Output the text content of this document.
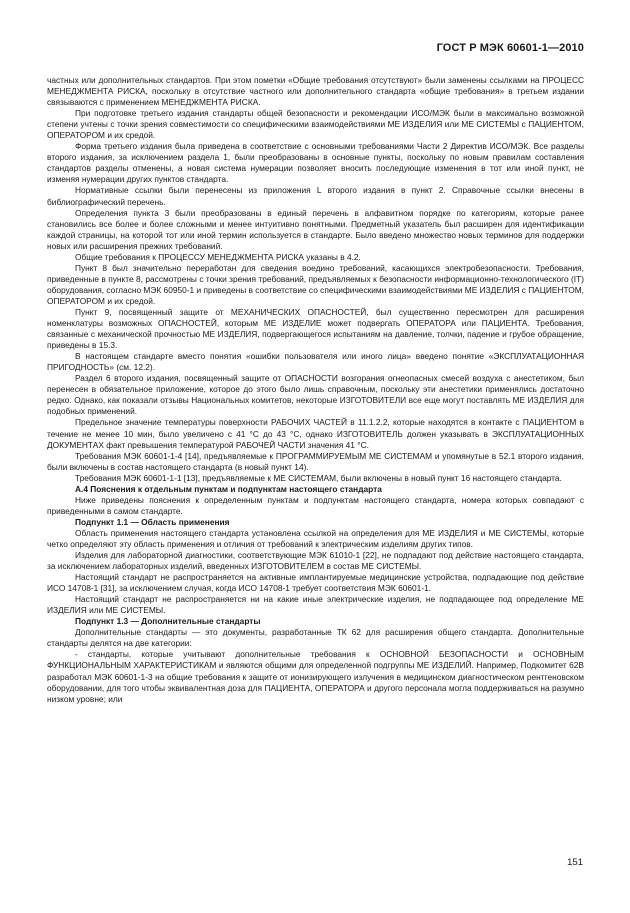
ГОСТ Р МЭК 60601-1—2010

частных или дополнительных стандартов. При этом пометки «Общие требования отсутствуют» были заменены ссылками на ПРОЦЕСС МЕНЕДЖМЕНТА РИСКА, поскольку в отсутствие частного или дополнительного стандарта «общие требования» в третьем издании связываются с применением МЕНЕДЖМЕНТА РИСКА.

При подготовке третьего издания стандарты общей безопасности и рекомендации ИСО/МЭК были в максимально возможной степени учтены с точки зрения совместимости со специфическими взаимодействиями МЕ ИЗДЕЛИЯ или МЕ СИСТЕМЫ с ПАЦИЕНТОМ, ОПЕРАТОРОМ и их средой.

Форма третьего издания была приведена в соответствие с основными требованиями Части 2 Директив ИСО/МЭК. Все разделы второго издания, за исключением раздела 1, были преобразованы в основные пункты, поскольку по новым правилам составления стандартов разделы отменены, а новая система нумерации позволяет вносить последующие изменения в тот или иной пункт, не изменяя нумерации других пунктов стандарта.

Нормативные ссылки были перенесены из приложения L второго издания в пункт 2. Справочные ссылки внесены в библиографический перечень.

Определения пункта 3 были преобразованы в единый перечень в алфавитном порядке по категориям, которые ранее становились все более и более сложными и менее интуитивно понятными. Предметный указатель был расширен для идентификации каждой страницы, на которой тот или иной термин используется в стандарте. Было введено множество новых терминов для поддержки новых или расширения прежних требований.

Общие требования к ПРОЦЕССУ МЕНЕДЖМЕНТА РИСКА указаны в 4.2.

Пункт 8 был значительно переработан для сведения воедино требований, касающихся электробезопасности. Требования, приведенные в пункте 8, рассмотрены с точки зрения требований, предъявляемых к безопасности информационно-технологического (IT) оборудования, согласно МЭК 60950-1 и приведены в соответствие со специфическими взаимодействиями МЕ ИЗДЕЛИЯ с ПАЦИЕНТОМ, ОПЕРАТОРОМ и их средой.

Пункт 9, посвященный защите от МЕХАНИЧЕСКИХ ОПАСНОСТЕЙ, был существенно пересмотрен для расширения номенклатуры возможных ОПАСНОСТЕЙ, которым МЕ ИЗДЕЛИЕ может подвергать ОПЕРАТОРА или ПАЦИЕНТА. Требования, связанные с механической прочностью МЕ ИЗДЕЛИЯ, подвергающегося испытаниям на давление, толчки, падение и грубое обращение, приведены в 15.3.

В настоящем стандарте вместо понятия «ошибки пользователя или иного лица» введено понятие «ЭКСПЛУАТАЦИОННАЯ ПРИГОДНОСТЬ» (см. 12.2).

Раздел 6 второго издания, посвященный защите от ОПАСНОСТИ возгорания огнеопасных смесей воздуха с анестетиком, был перенесен в обязательное приложение, которое до этого было лишь справочным, поскольку эти анестетики применялись достаточно редко. Однако, как показали отзывы Национальных комитетов, некоторые ИЗГОТОВИТЕЛИ все еще могут поставлять МЕ ИЗДЕЛИЯ для подобных применений.

Предельное значение температуры поверхности РАБОЧИХ ЧАСТЕЙ в 11.1.2.2, которые находятся в контакте с ПАЦИЕНТОМ в течение не менее 10 мин, было увеличено с 41 °C до 43 °C, однако ИЗГОТОВИТЕЛЬ должен указывать в ЭКСПЛУАТАЦИОННЫХ ДОКУМЕНТАХ факт превышения температурой РАБОЧЕЙ ЧАСТИ значения 41 °C.

Требования МЭК 60601-1-4 [14], предъявляемые к ПРОГРАММИРУЕМЫМ МЕ СИСТЕМАМ и упомянутые в 52.1 второго издания, были включены в состав настоящего стандарта (в новый пункт 14).

Требования МЭК 60601-1-1 [13], предъявляемые к МЕ СИСТЕМАМ, были включены в новый пункт 16 настоящего стандарта.

А.4 Пояснения к отдельным пунктам и подпунктам настоящего стандарта

Ниже приведены пояснения к определенным пунктам и подпунктам настоящего стандарта, номера которых совпадают с приведенными в самом стандарте.

Подпункт 1.1 — Область применения

Область применения настоящего стандарта установлена ссылкой на определения для МЕ ИЗДЕЛИЯ и МЕ СИСТЕМЫ, которые четко определяют эту область применения и отличия от требований к электрическим изделиям других типов.

Изделия для лабораторной диагностики, соответствующие МЭК 61010-1 [22], не подпадают под действие настоящего стандарта, за исключением лабораторных изделий, введенных ИЗГОТОВИТЕЛЕМ в состав МЕ СИСТЕМЫ.

Настоящий стандарт не распространяется на активные имплантируемые медицинские устройства, подпадающие под действие ИСО 14708-1 [31], за исключением случая, когда ИСО 14708-1 требует соответствия МЭК 60601-1.

Настоящий стандарт не распространяется ни на какие иные электрические изделия, не подпадающее под определение МЕ ИЗДЕЛИЯ или МЕ СИСТЕМЫ.

Подпункт 1.3 — Дополнительные стандарты

Дополнительные стандарты — это документы, разработанные ТК 62 для расширения общего стандарта. Дополнительные стандарты делятся на две категории:

- стандарты, которые учитывают дополнительные требования к ОСНОВНОЙ БЕЗОПАСНОСТИ и ОСНОВНЫМ ФУНКЦИОНАЛЬНЫМ ХАРАКТЕРИСТИКАМ и являются общими для определенной подгруппы МЕ ИЗДЕЛИЙ. Например, Подкомитет 62В разработал МЭК 60601-1-3 на общие требования к защите от ионизирующего излучения в медицинском диагностическом рентгеновском оборудовании, для того чтобы эквивалентная доза для ПАЦИЕНТА, ОПЕРАТОРА и другого персонала могла поддерживаться на разумно низком уровне; или

151
